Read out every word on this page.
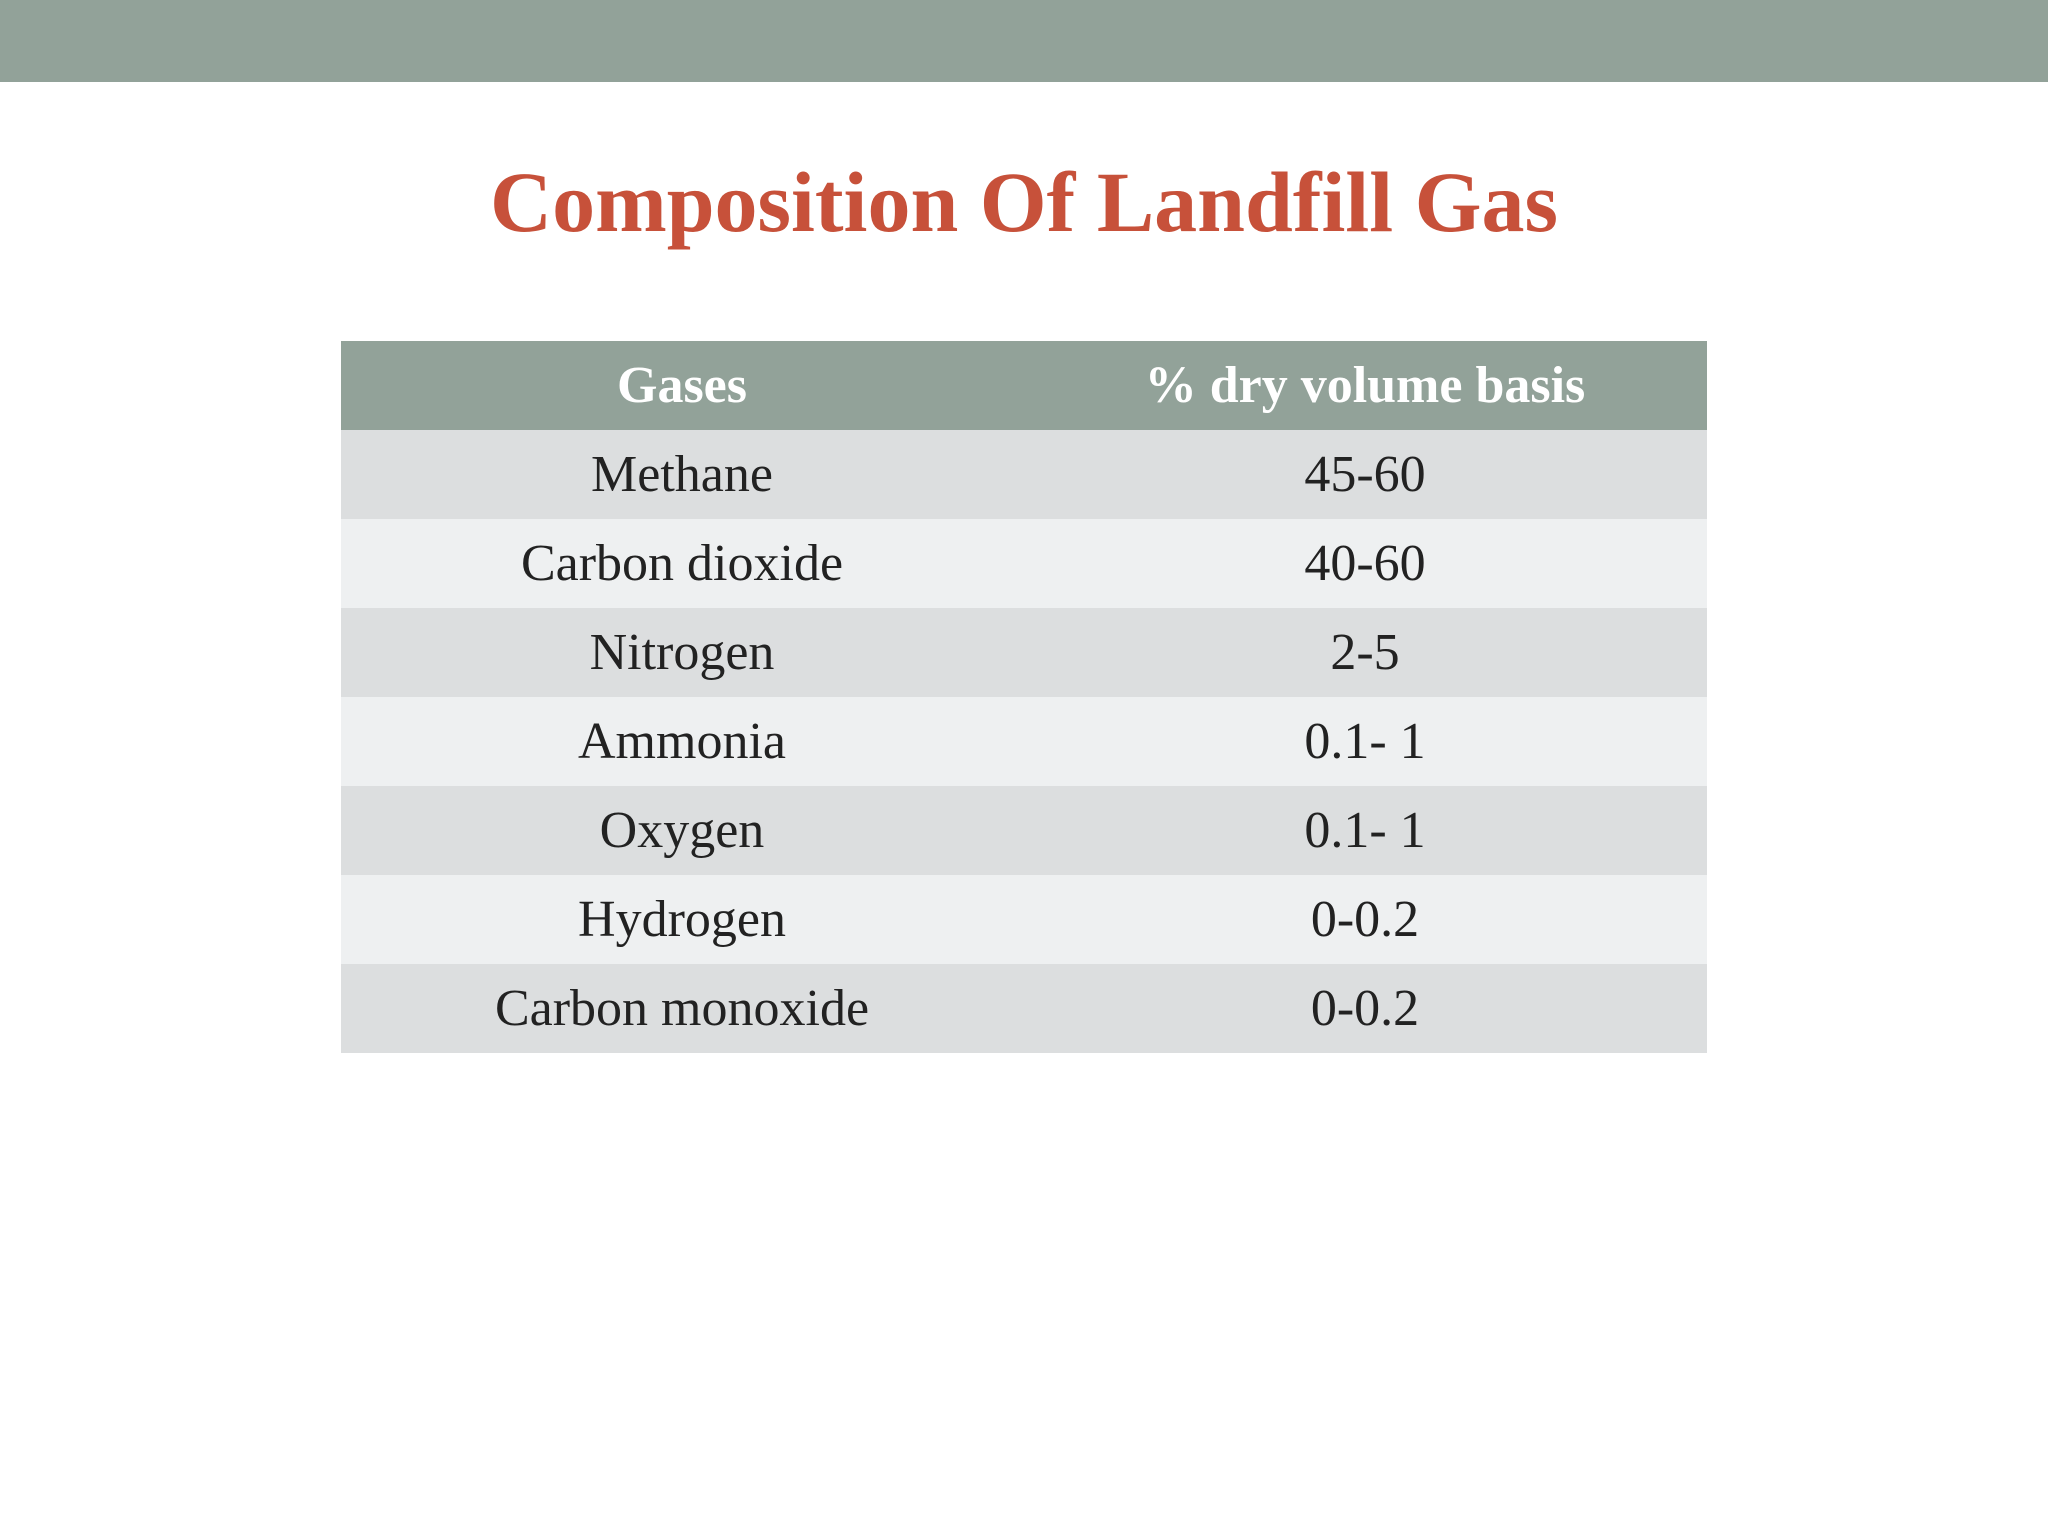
Composition Of Landfill Gas
Gases	% dry volume basis
Methane	45-60
Carbon dioxide	40-60
Nitrogen	2-5
Ammonia	0.1- 1
Oxygen	0.1- 1
Hydrogen	0-0.2
Carbon monoxide	0-0.2
